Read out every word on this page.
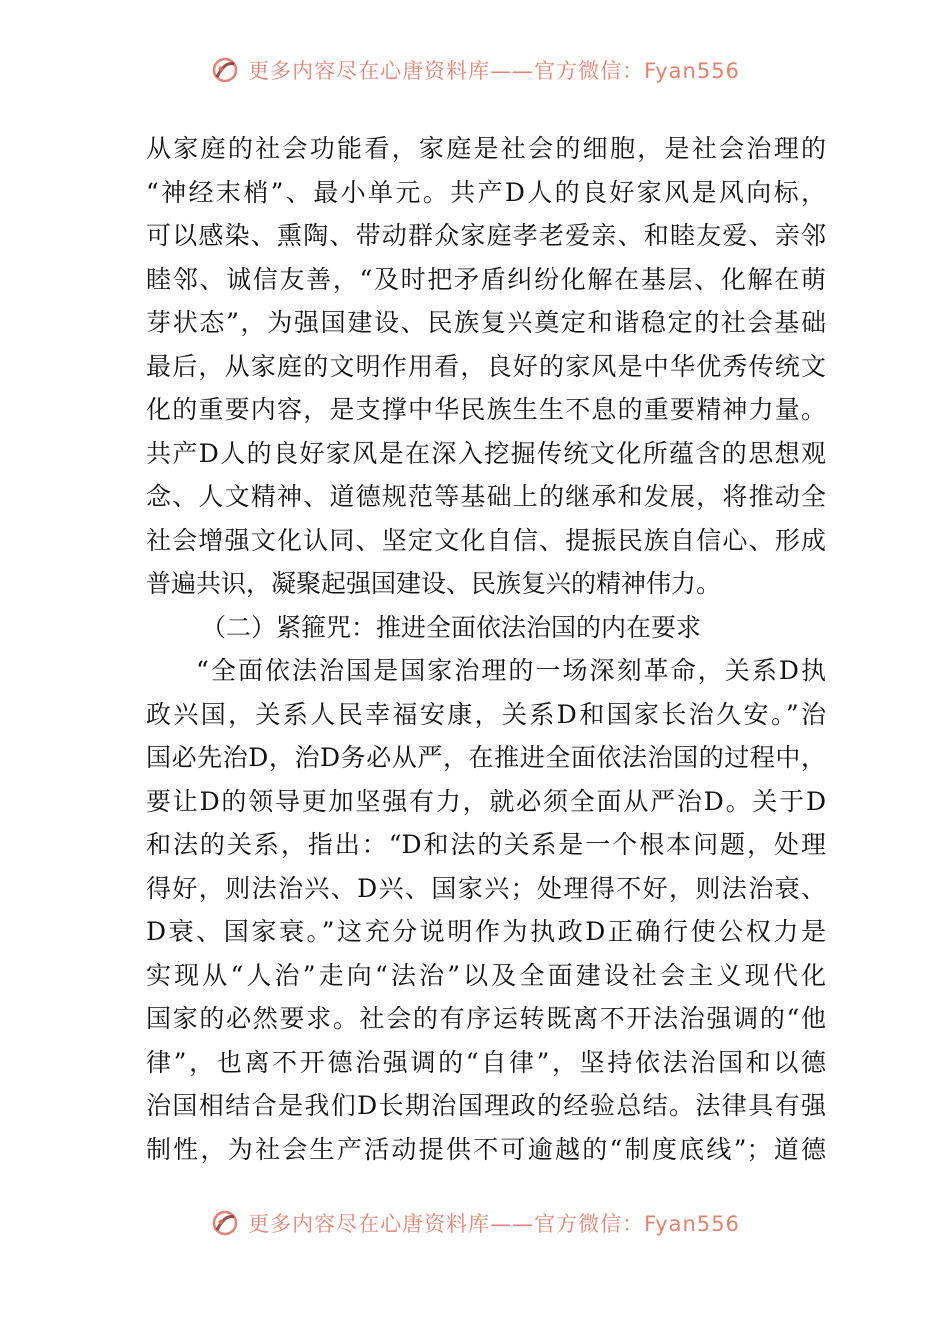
更多内容尽在心唐资料库——官方微信：Fyan556
从家庭的社会功能看，家庭是社会的细胞，是社会治理的
“神经末梢”、最小单元。共产D人的良好家风是风向标，
可以感染、熏陶、带动群众家庭孝老爱亲、和睦友爱、亲邻
睦邻、诚信友善，“及时把矛盾纠纷化解在基层、化解在萌
芽状态”，为强国建设、民族复兴奠定和谐稳定的社会基础
最后，从家庭的文明作用看，良好的家风是中华优秀传统文
化的重要内容，是支撑中华民族生生不息的重要精神力量。
共产D人的良好家风是在深入挖掘传统文化所蕴含的思想观
念、人文精神、道德规范等基础上的继承和发展，将推动全
社会增强文化认同、坚定文化自信、提振民族自信心、形成
普遍共识，凝聚起强国建设、民族复兴的精神伟力。
（二）紧箍咒：推进全面依法治国的内在要求
“全面依法治国是国家治理的一场深刻革命，关系D执
政兴国，关系人民幸福安康，关系D和国家长治久安。”治
国必先治D，治D务必从严，在推进全面依法治国的过程中，
要让D的领导更加坚强有力，就必须全面从严治D。关于D
和法的关系，指出：“D和法的关系是一个根本问题，处理
得好，则法治兴、D兴、国家兴；处理得不好，则法治衰、
D衰、国家衰。”这充分说明作为执政D正确行使公权力是
实现从“人治”走向“法治”以及全面建设社会主义现代化
国家的必然要求。社会的有序运转既离不开法治强调的“他
律”，也离不开德治强调的“自律”，坚持依法治国和以德
治国相结合是我们D长期治国理政的经验总结。法律具有强
制性，为社会生产活动提供不可逾越的“制度底线”；道德
更多内容尽在心唐资料库——官方微信：Fyan556
